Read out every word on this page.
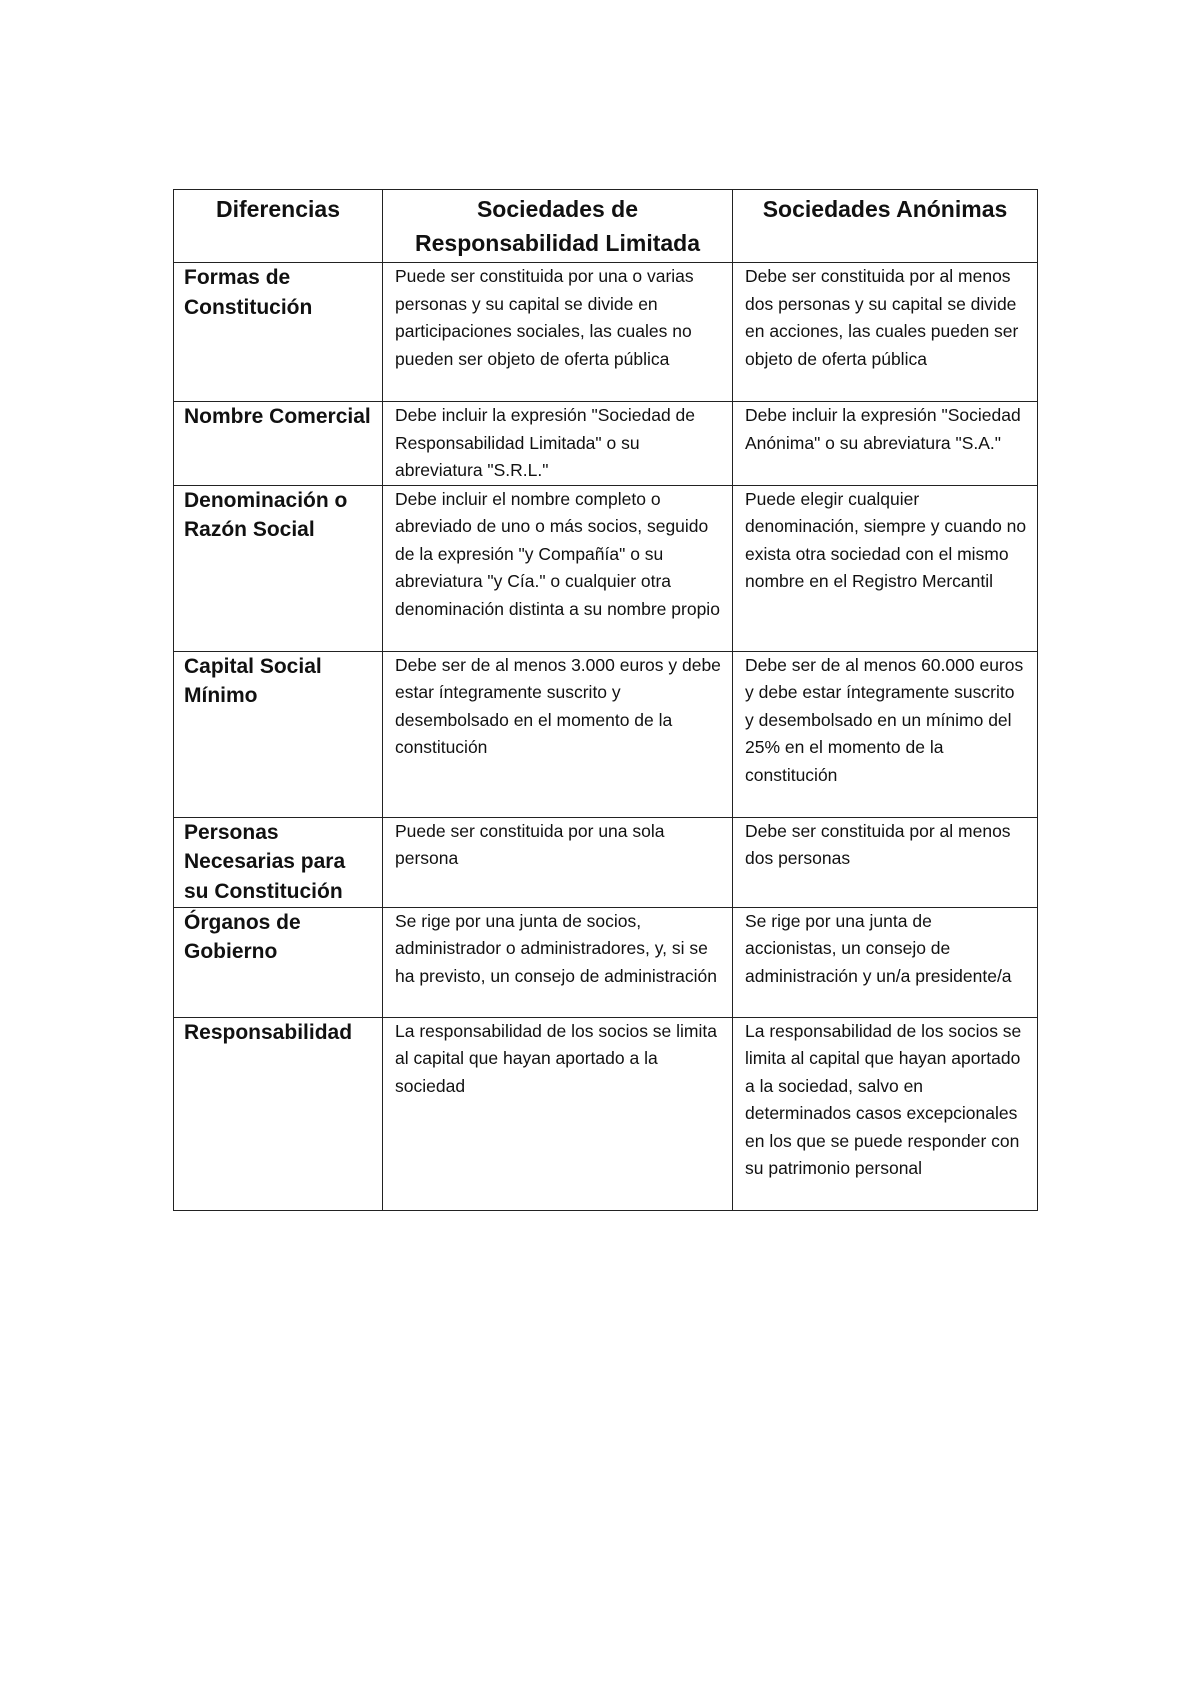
Diferencias	Sociedades de Responsabilidad Limitada	Sociedades Anónimas
Formas de Constitución	Puede ser constituida por una o varias personas y su capital se divide en participaciones sociales, las cuales no pueden ser objeto de oferta pública	Debe ser constituida por al menos dos personas y su capital se divide en acciones, las cuales pueden ser objeto de oferta pública
Nombre Comercial	Debe incluir la expresión "Sociedad de Responsabilidad Limitada" o su abreviatura "S.R.L."	Debe incluir la expresión "Sociedad Anónima" o su abreviatura "S.A."
Denominación o Razón Social	Debe incluir el nombre completo o abreviado de uno o más socios, seguido de la expresión "y Compañía" o su abreviatura "y Cía." o cualquier otra denominación distinta a su nombre propio	Puede elegir cualquier denominación, siempre y cuando no exista otra sociedad con el mismo nombre en el Registro Mercantil
Capital Social Mínimo	Debe ser de al menos 3.000 euros y debe estar íntegramente suscrito y desembolsado en el momento de la constitución	Debe ser de al menos 60.000 euros y debe estar íntegramente suscrito y desembolsado en un mínimo del 25% en el momento de la constitución
Personas Necesarias para su Constitución	Puede ser constituida por una sola persona	Debe ser constituida por al menos dos personas
Órganos de Gobierno	Se rige por una junta de socios, administrador o administradores, y, si se ha previsto, un consejo de administración	Se rige por una junta de accionistas, un consejo de administración y un/a presidente/a
Responsabilidad	La responsabilidad de los socios se limita al capital que hayan aportado a la sociedad	La responsabilidad de los socios se limita al capital que hayan aportado a la sociedad, salvo en determinados casos excepcionales en los que se puede responder con su patrimonio personal
